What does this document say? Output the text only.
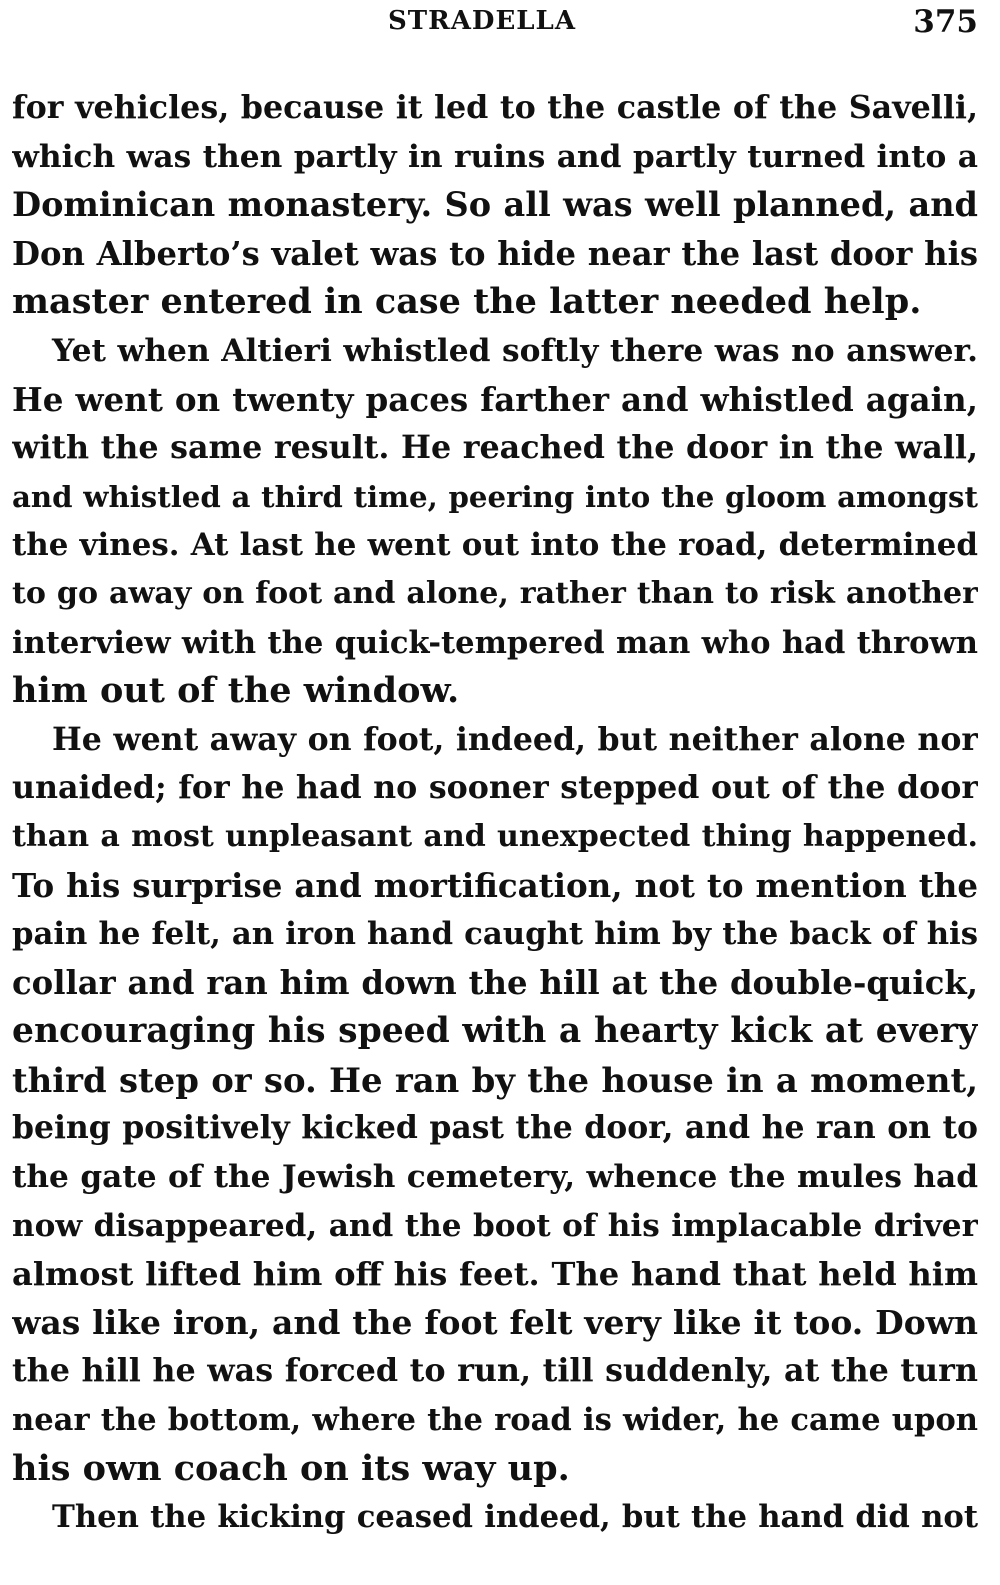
STRADELLA	375
for vehicles, because it led to the castle of the Savelli,
which was then partly in ruins and partly turned into a
Dominican monastery. So all was well planned, and
Don Alberto’s valet was to hide near the last door his
master entered in case the latter needed help.
Yet when Altieri whistled softly there was no answer.
He went on twenty paces farther and whistled again,
with the same result. He reached the door in the wall,
and whistled a third time, peering into the gloom amongst
the vines. At last he went out into the road, determined
to go away on foot and alone, rather than to risk another
interview with the quick-tempered man who had thrown
him out of the window.
He went away on foot, indeed, but neither alone nor
unaided; for he had no sooner stepped out of the door
than a most unpleasant and unexpected thing happened.
To his surprise and mortification, not to mention the
pain he felt, an iron hand caught him by the back of his
collar and ran him down the hill at the double-quick,
encouraging his speed with a hearty kick at every
third step or so. He ran by the house in a moment,
being positively kicked past the door, and he ran on to
the gate of the Jewish cemetery, whence the mules had
now disappeared, and the boot of his implacable driver
almost lifted him off his feet. The hand that held him
was like iron, and the foot felt very like it too. Down
the hill he was forced to run, till suddenly, at the turn
near the bottom, where the road is wider, he came upon
his own coach on its way up.
Then the kicking ceased indeed, but the hand did not
